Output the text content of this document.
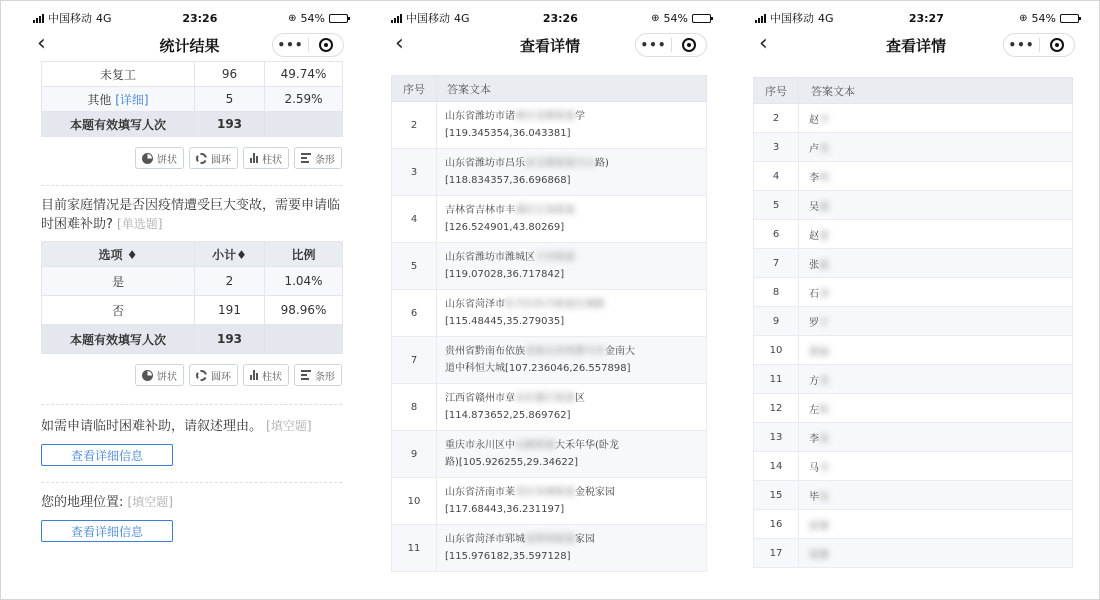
中国移动 4G	23:26	⊕ 54%
‹	统计结果	•••
未复工	96	49.74%
其他 [详细]	5	2.59%
本题有效填写人次	193	
饼状	圆环	柱状	条形
目前家庭情况是否因疫情遭受巨大变故，需要申请临时困难补助? [单选题]
选项 ♦	小计♦	比例
是	2	1.04%
否	191	98.96%
本题有效填写人次	193	
饼状	圆环	柱状	条形
如需申请临时困难补助，请叙述理由。 [填空题]
查看详细信息
您的地理位置: [填空题]
查看详细信息
中国移动 4G	23:26	⊕ 54%
‹	查看详情	•••
序号	答案文本
2	山东省潍坊市诸城市龙都街道学
[119.345354,36.043381]

3	山东省潍坊市昌乐县宝都街道方山路)
[118.834357,36.696868]

4	吉林省吉林市丰满区江南街道
[126.524901,43.80269]

5	山东省潍坊市潍城区于河街道
[119.07028,36.717842]

6	山东省菏泽市牡丹区牡丹街道长城路
[115.48445,35.279035]

7	贵州省黔南布依族苗族自治州都匀市金南大
道中科恒大城[107.236046,26.557898]

8	江西省赣州市章贡区赣江街道区
[114.873652,25.869762]

9	重庆市永川区中山路街道大禾年华(卧龙
路)[105.926255,29.34622]

10	山东省济南市莱芜区凤城街道金税家园
[117.68443,36.231197]

11	山东省菏泽市郓城县郓州街道家园
[115.976182,35.597128]
中国移动 4G	23:27	⊕ 54%
‹	查看详情	•••
序号	答案文本
2	赵宇
3	卢杰
4	李明
5	吴霞
6	赵蕾
7	张磊
8	石泽
9	罗宁
10	蔡丽
11	方杰
12	左阳
13	李涛
14	马丹
15	毕钰
16	赵婕
17	张静
